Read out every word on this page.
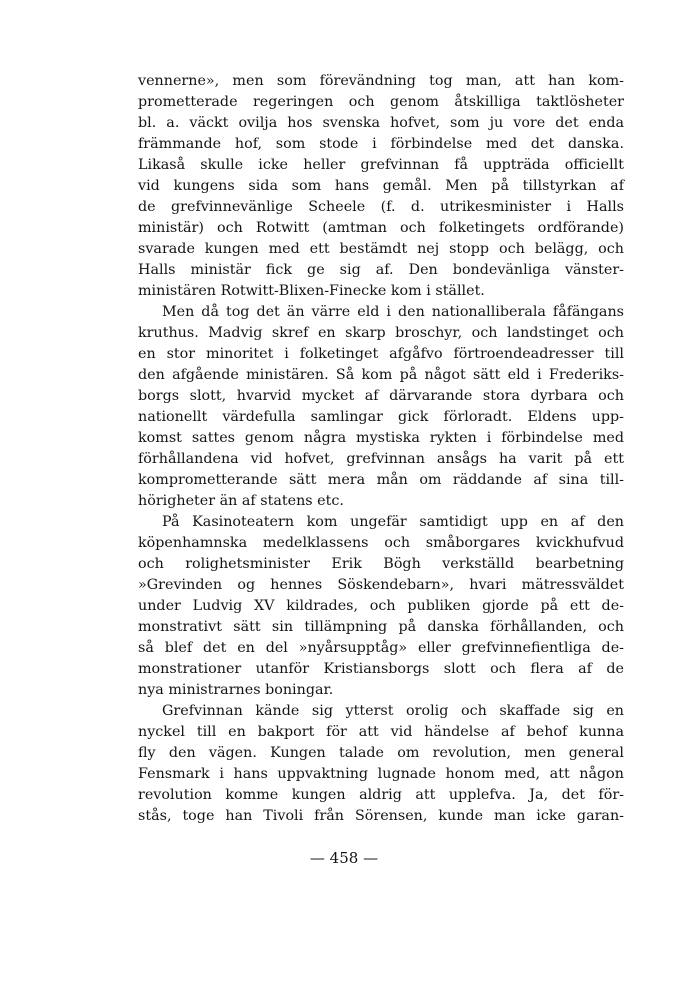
vennerne», men som förevändning tog man, att han kom-
prometterade regeringen och genom åtskilliga taktlösheter
bl. a. väckt ovilja hos svenska hofvet, som ju vore det enda
främmande hof, som stode i förbindelse med det danska.
Likaså skulle icke heller grefvinnan få uppträda officiellt
vid kungens sida som hans gemål. Men på tillstyrkan af
de grefvinnevänlige Scheele (f. d. utrikesminister i Halls
ministär) och Rotwitt (amtman och folketingets ordförande)
svarade kungen med ett bestämdt nej stopp och belägg, och
Halls ministär fick ge sig af. Den bondevänliga vänster-
ministären Rotwitt-Blixen-Finecke kom i stället.
Men då tog det än värre eld i den nationalliberala fåfängans
kruthus. Madvig skref en skarp broschyr, och landstinget och
en stor minoritet i folketinget afgåfvo förtroendeadresser till
den afgående ministären. Så kom på något sätt eld i Frederiks-
borgs slott, hvarvid mycket af därvarande stora dyrbara och
nationellt värdefulla samlingar gick förloradt. Eldens upp-
komst sattes genom några mystiska rykten i förbindelse med
förhållandena vid hofvet, grefvinnan ansågs ha varit på ett
komprometterande sätt mera mån om räddande af sina till-
hörigheter än af statens etc.
På Kasinoteatern kom ungefär samtidigt upp en af den
köpenhamnska medelklassens och småborgares kvickhufvud
och rolighetsminister Erik Bögh verkställd bearbetning
»Grevinden og hennes Söskendebarn», hvari mätressväldet
under Ludvig XV kildrades, och publiken gjorde på ett de-
monstrativt sätt sin tillämpning på danska förhållanden, och
så blef det en del »nyårsupptåg» eller grefvinnefientliga de-
monstrationer utanför Kristiansborgs slott och flera af de
nya ministrarnes boningar.
Grefvinnan kände sig ytterst orolig och skaffade sig en
nyckel till en bakport för att vid händelse af behof kunna
fly den vägen. Kungen talade om revolution, men general
Fensmark i hans uppvaktning lugnade honom med, att någon
revolution komme kungen aldrig att upplefva. Ja, det för-
stås, toge han Tivoli från Sörensen, kunde man icke garan-
— 458 —
